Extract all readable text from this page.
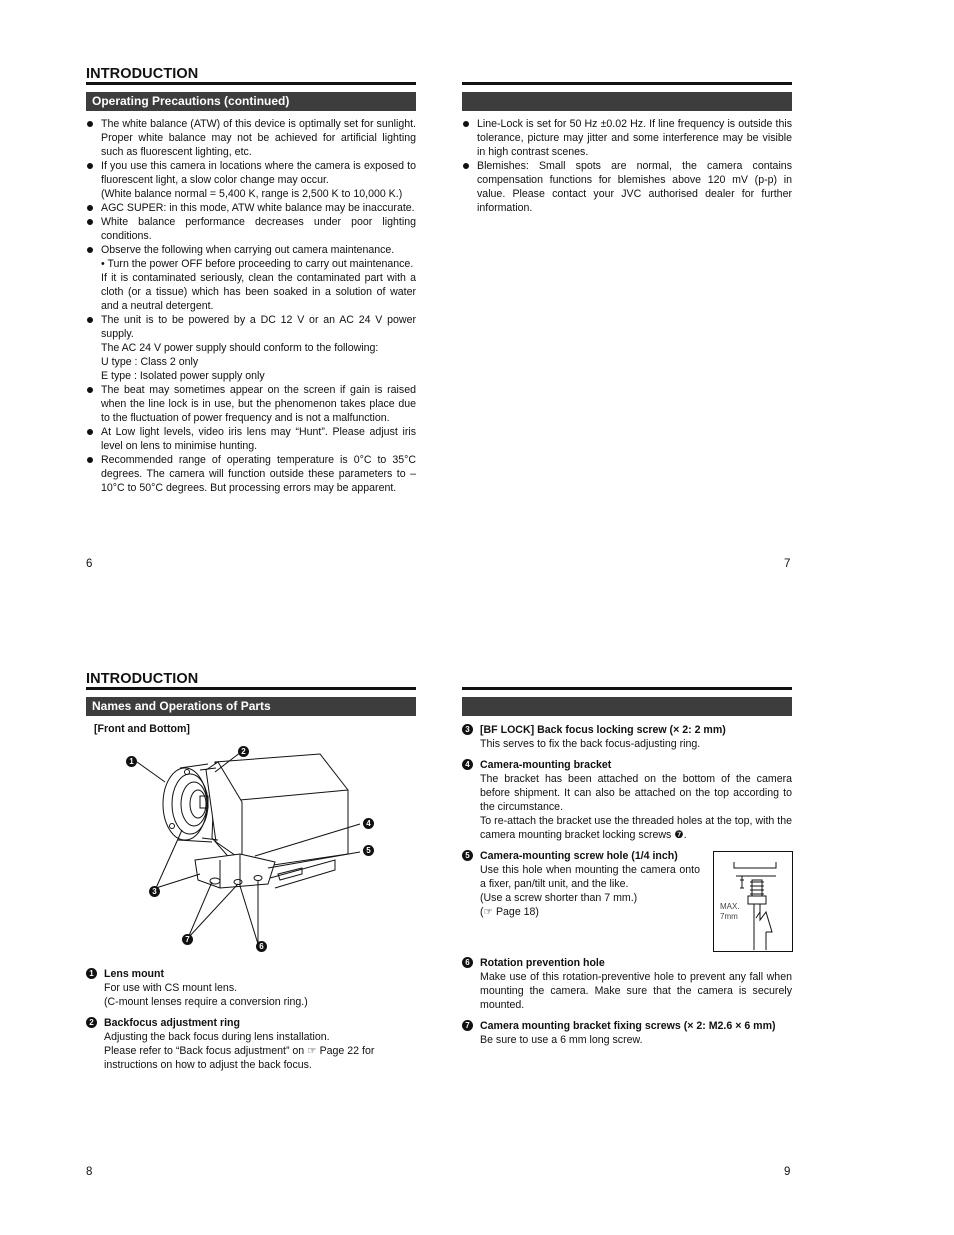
INTRODUCTION
Operating Precautions (continued)
The white balance (ATW) of this device is optimally set for sunlight. Proper white balance may not be achieved for artificial lighting such as fluorescent lighting, etc.
If you use this camera in locations where the camera is exposed to fluorescent light, a slow color change may occur.
(White balance normal = 5,400 K, range is 2,500 K to 10,000 K.)
AGC SUPER: in this mode, ATW white balance may be inaccurate.
White balance performance decreases under poor lighting conditions.
Observe the following when carrying out camera maintenance.
• Turn the power OFF before proceeding to carry out maintenance.
If it is contaminated seriously, clean the contaminated part with a cloth (or a tissue) which has been soaked in a solution of water and a neutral detergent.
The unit is to be powered by a DC 12 V or an AC 24 V power supply.
The AC 24 V power supply should conform to the following:
U type : Class 2 only
E type : Isolated power supply only
The beat may sometimes appear on the screen if gain is raised when the line lock is in use, but the phenomenon takes place due to the fluctuation of power frequency and is not a malfunction.
At Low light levels, video iris lens may “Hunt”. Please adjust iris level on lens to minimise hunting.
Recommended range of operating temperature is 0°C to 35°C degrees. The camera will function outside these parameters to –10°C to 50°C degrees. But processing errors may be apparent.
Line-Lock is set for 50 Hz ±0.02 Hz. If line frequency is outside this tolerance, picture may jitter and some interference may be visible in high contrast scenes.
Blemishes: Small spots are normal, the camera contains compensation functions for blemishes above 120 mV (p-p) in value. Please contact your JVC authorised dealer for further information.
6	7
INTRODUCTION
Names and Operations of Parts
[Front and Bottom]
1
2
4
5
3
7
6
1 Lens mount
For use with CS mount lens.
(C-mount lenses require a conversion ring.)
2 Backfocus adjustment ring
Adjusting the back focus during lens installation.
Please refer to “Back focus adjustment” on ☞ Page 22 for instructions on how to adjust the back focus.
3 [BF LOCK] Back focus locking screw (× 2: 2 mm)
This serves to fix the back focus-adjusting ring.
4 Camera-mounting bracket
The bracket has been attached on the bottom of the camera before shipment. It can also be attached on the top according to the circumstance.
To re-attach the bracket use the threaded holes at the top, with the camera mounting bracket locking screws ❼.
5 Camera-mounting screw hole (1/4 inch)
Use this hole when mounting the camera onto a fixer, pan/tilt unit, and the like.
(Use a screw shorter than 7 mm.)
(☞ Page 18)
6 Rotation prevention hole
Make use of this rotation-preventive hole to prevent any fall when mounting the camera. Make sure that the camera is securely mounted.
7 Camera mounting bracket fixing screws (× 2: M2.6 × 6 mm)
Be sure to use a 6 mm long screw.
MAX.
7mm
8	9
